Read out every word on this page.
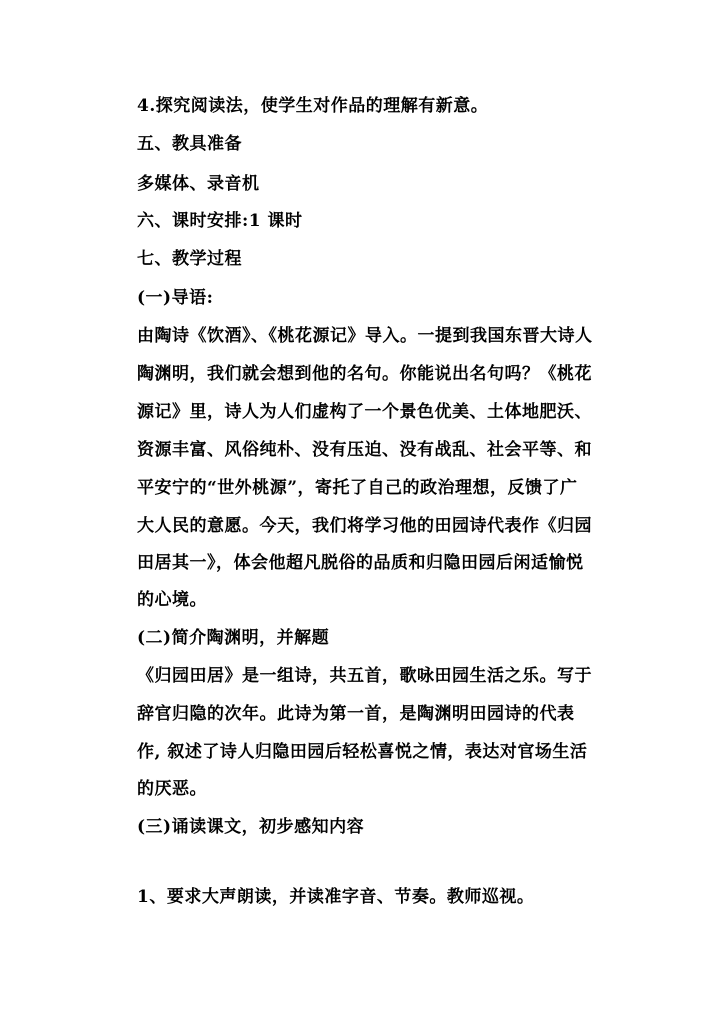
4.探究阅读法，使学生对作品的理解有新意。
五、教具准备
多媒体、录音机
六、课时安排:1 课时
七、教学过程
(一)导语:
由陶诗《饮酒》、《桃花源记》导入。一提到我国东晋大诗人
陶渊明，我们就会想到他的名句。你能说出名句吗？《桃花
源记》里，诗人为人们虚构了一个景色优美、土体地肥沃、
资源丰富、风俗纯朴、没有压迫、没有战乱、社会平等、和
平安宁的“世外桃源”，寄托了自己的政治理想，反馈了广
大人民的意愿。今天，我们将学习他的田园诗代表作《归园
田居其一》，体会他超凡脱俗的品质和归隐田园后闲适愉悦
的心境。
(二)简介陶渊明，并解题
《归园田居》是一组诗，共五首，歌咏田园生活之乐。写于
辞官归隐的次年。此诗为第一首，是陶渊明田园诗的代表
作, 叙述了诗人归隐田园后轻松喜悦之情，表达对官场生活
的厌恶。
(三)诵读课文，初步感知内容
1、要求大声朗读，并读准字音、节奏。教师巡视。
